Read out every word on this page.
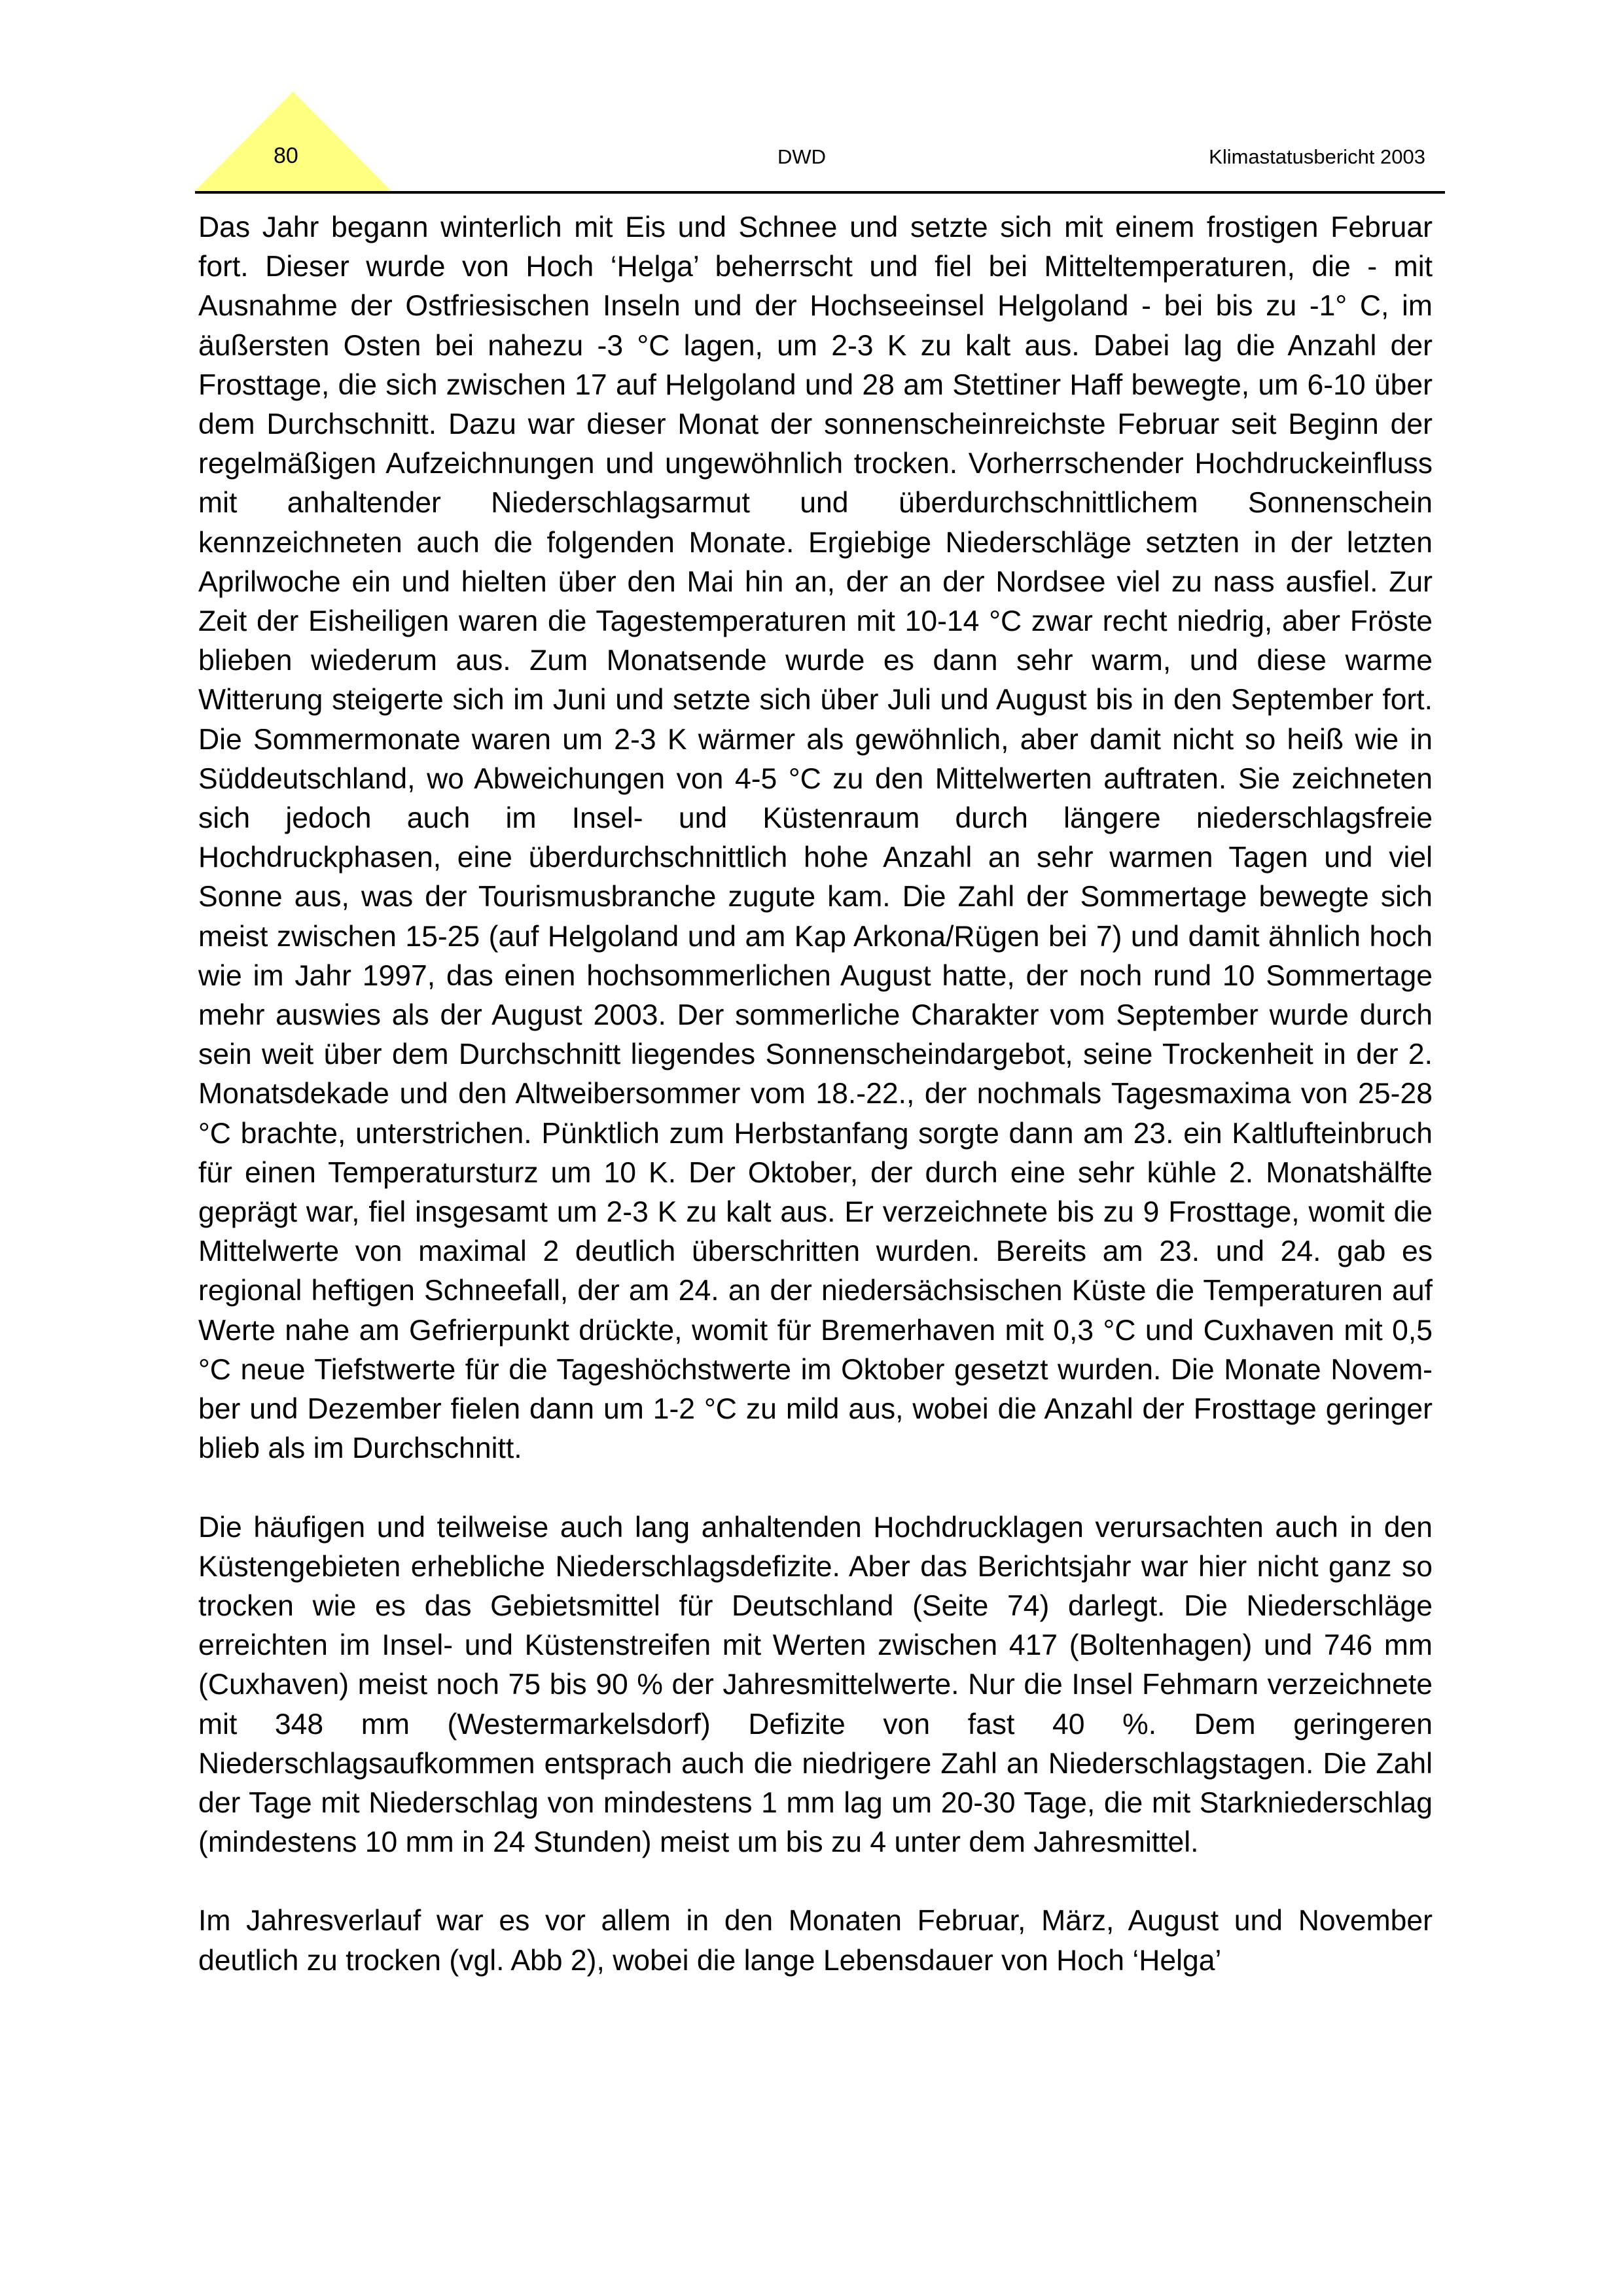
80	DWD	Klimastatusbericht 2003

Das Jahr begann winterlich mit Eis und Schnee und setzte sich mit einem frostigen Februar fort. Dieser wurde von Hoch ‘Helga’ beherrscht und fiel bei Mitteltemperaturen, die - mit Ausnahme der Ostfriesischen Inseln und der Hochseeinsel Helgoland - bei bis zu -1° C, im äußersten Osten bei nahezu -3 °C lagen, um 2-3 K zu kalt aus. Dabei lag die Anzahl der Frosttage, die sich zwischen 17 auf Helgoland und 28 am Stettiner Haff bewegte, um 6-10 über dem Durchschnitt. Dazu war dieser Monat der sonnenscheinreichste Februar seit Beginn der regelmäßigen Aufzeichnungen und ungewöhnlich trocken. Vorherrschender Hochdruckeinfluss mit anhaltender Niederschlagsarmut und überdurchschnittlichem Sonnenschein kennzeichneten auch die folgenden Monate. Ergiebige Niederschläge setzten in der letzten Aprilwoche ein und hielten über den Mai hin an, der an der Nordsee viel zu nass ausfiel. Zur Zeit der Eisheiligen waren die Tagestemperaturen mit 10-14 °C zwar recht niedrig, aber Fröste blieben wiederum aus. Zum Monatsende wurde es dann sehr warm, und diese warme Witterung steigerte sich im Juni und setzte sich über Juli und August bis in den September fort. Die Sommermonate waren um 2-3 K wärmer als gewöhnlich, aber damit nicht so heiß wie in Süddeutschland, wo Abweichungen von 4-5 °C zu den Mittelwerten auftraten. Sie zeichneten sich jedoch auch im Insel- und Küstenraum durch längere niederschlagsfreie Hochdruckphasen, eine überdurchschnittlich hohe Anzahl an sehr warmen Tagen und viel Sonne aus, was der Tourismusbranche zugute kam. Die Zahl der Sommertage bewegte sich meist zwischen 15-25 (auf Helgoland und am Kap Arkona/Rügen bei 7) und damit ähnlich hoch wie im Jahr 1997, das einen hochsommerlichen August hatte, der noch rund 10 Sommertage mehr auswies als der August 2003. Der sommerliche Charakter vom September wurde durch sein weit über dem Durchschnitt liegendes Sonnenscheindargebot, seine Trockenheit in der 2. Monatsdekade und den Altweibersommer vom 18.-22., der nochmals Tagesmaxima von 25-28 °C brachte, unterstrichen. Pünktlich zum Herbstanfang sorgte dann am 23. ein Kaltlufteinbruch für einen Temperatursturz um 10 K. Der Oktober, der durch eine sehr kühle 2. Monatshälfte geprägt war, fiel insgesamt um 2-3 K zu kalt aus. Er verzeichnete bis zu 9 Frosttage, womit die Mittelwerte von maximal 2 deutlich überschritten wurden. Bereits am 23. und 24. gab es regional heftigen Schneefall, der am 24. an der niedersächsischen Küste die Temperaturen auf Werte nahe am Gefrierpunkt drückte, womit für Bremerhaven mit 0,3 °C und Cuxhaven mit 0,5 °C neue Tiefstwerte für die Tageshöchstwerte im Oktober gesetzt wurden. Die Monate November und Dezember fielen dann um 1-2 °C zu mild aus, wobei die Anzahl der Frosttage geringer blieb als im Durchschnitt.

Die häufigen und teilweise auch lang anhaltenden Hochdrucklagen verursachten auch in den Küstengebieten erhebliche Niederschlagsdefizite. Aber das Berichtsjahr war hier nicht ganz so trocken wie es das Gebietsmittel für Deutschland (Seite 74) darlegt. Die Niederschläge erreichten im Insel- und Küstenstreifen mit Werten zwischen 417 (Boltenhagen) und 746 mm (Cuxhaven) meist noch 75 bis 90 % der Jahresmittelwerte. Nur die Insel Fehmarn verzeichnete mit 348 mm (Westermarkelsdorf) Defizite von fast 40 %. Dem geringeren Niederschlagsaufkommen entsprach auch die niedrigere Zahl an Niederschlagstagen. Die Zahl der Tage mit Niederschlag von mindestens 1 mm lag um 20-30 Tage, die mit Starkniederschlag (mindestens 10 mm in 24 Stunden) meist um bis zu 4 unter dem Jahresmittel.

Im Jahresverlauf war es vor allem in den Monaten Februar, März, August und November deutlich zu trocken (vgl. Abb 2), wobei die lange Lebensdauer von Hoch ‘Helga’
